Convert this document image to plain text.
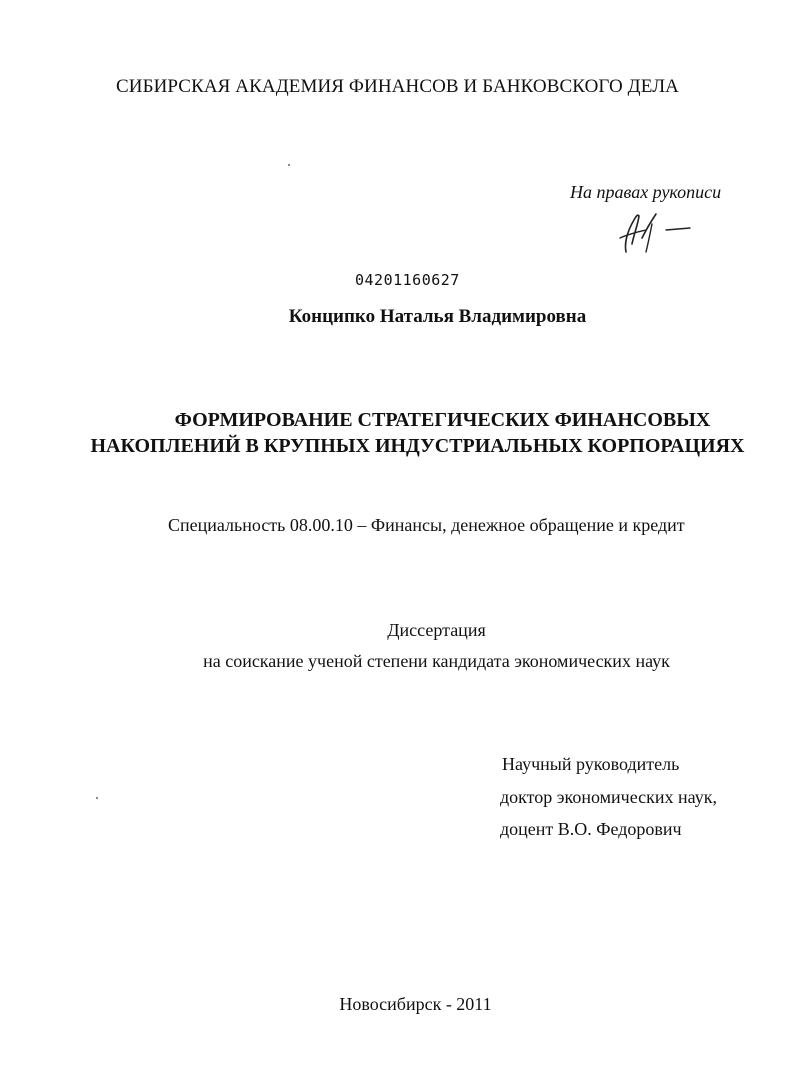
СИБИРСКАЯ АКАДЕМИЯ ФИНАНСОВ И БАНКОВСКОГО ДЕЛА
На правах рукописи
04201160627
Конципко Наталья Владимировна
ФОРМИРОВАНИЕ СТРАТЕГИЧЕСКИХ ФИНАНСОВЫХ
НАКОПЛЕНИЙ В КРУПНЫХ ИНДУСТРИАЛЬНЫХ КОРПОРАЦИЯХ
Специальность 08.00.10 – Финансы, денежное обращение и кредит
Диссертация
на соискание ученой степени кандидата экономических наук
Научный руководитель
доктор экономических наук,
доцент В.О. Федорович
Новосибирск - 2011
